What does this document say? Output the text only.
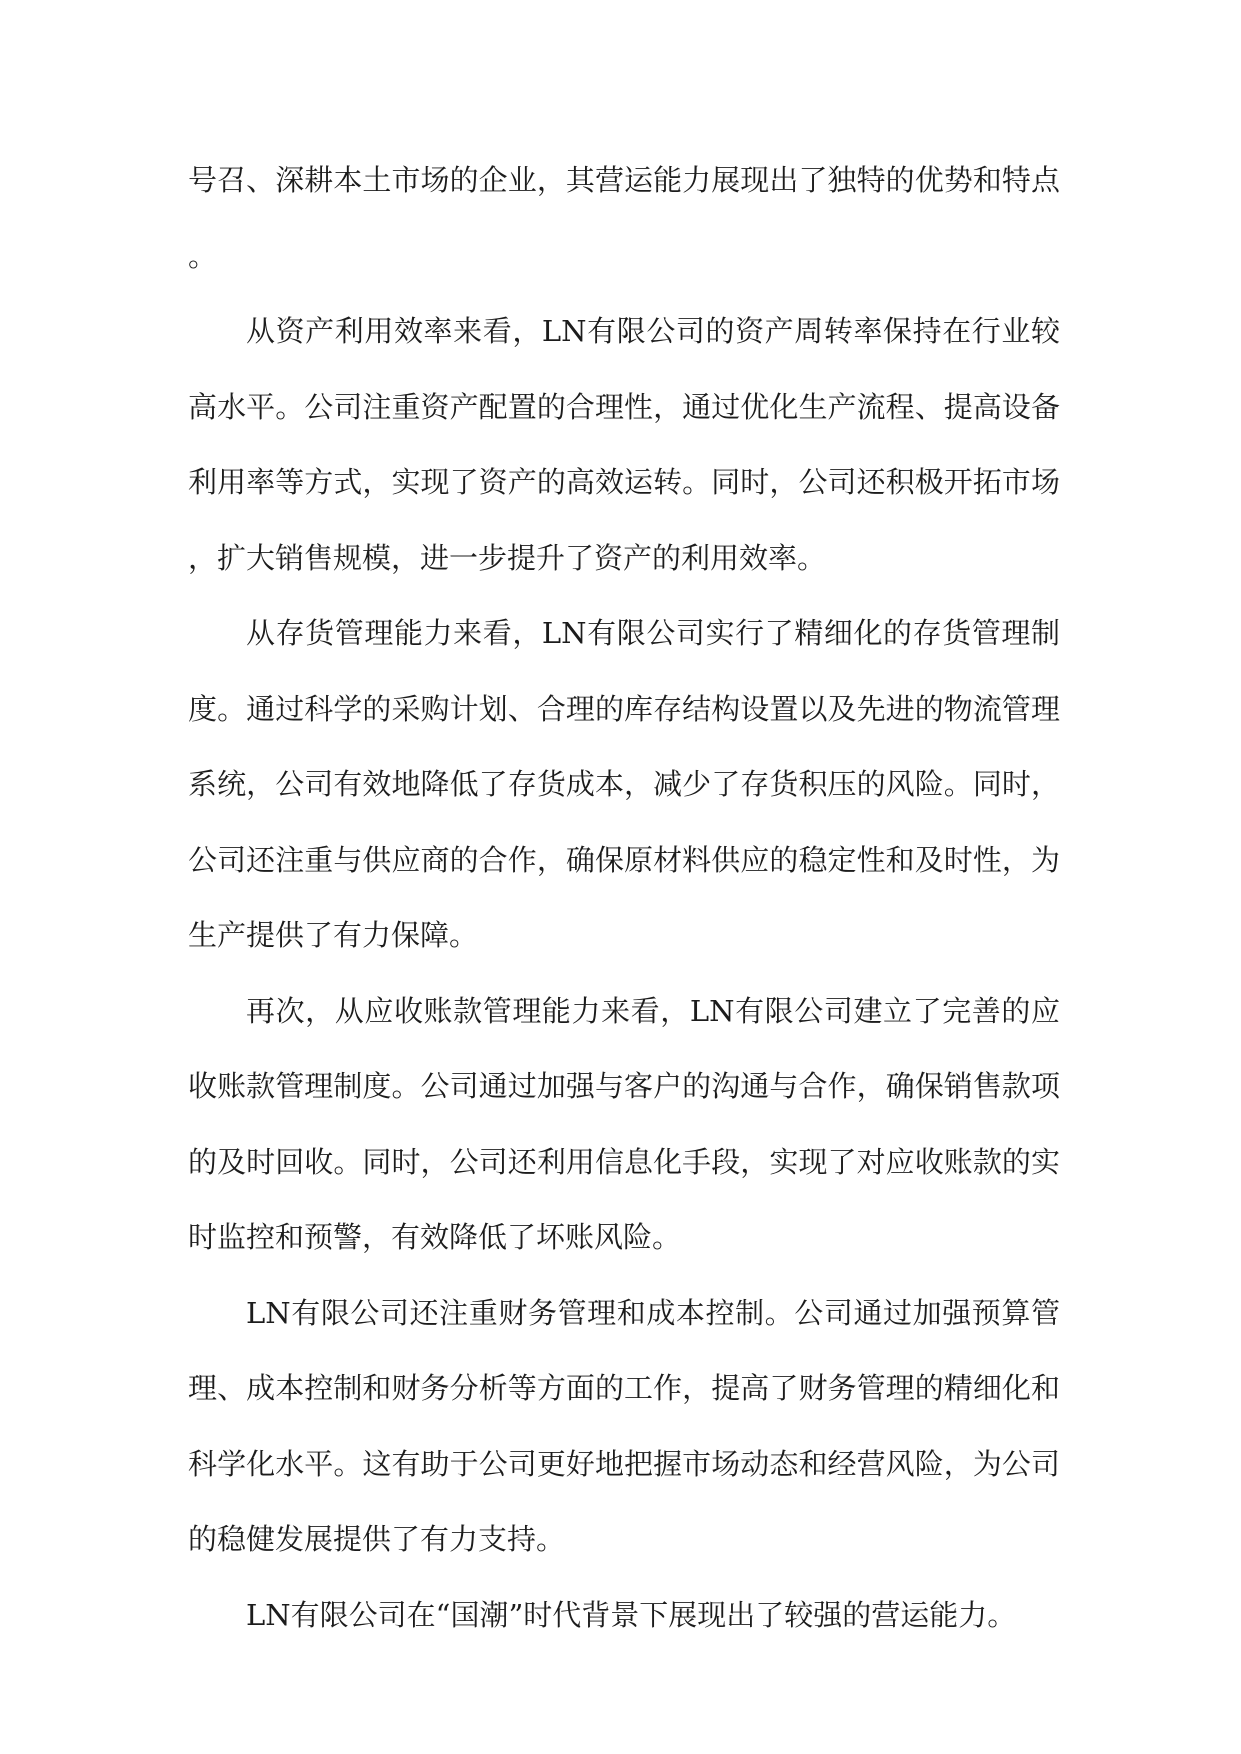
号召、深耕本土市场的企业，其营运能力展现出了独特的优势和特点。

从资产利用效率来看，LN有限公司的资产周转率保持在行业较高水平。公司注重资产配置的合理性，通过优化生产流程、提高设备利用率等方式，实现了资产的高效运转。同时，公司还积极开拓市场，扩大销售规模，进一步提升了资产的利用效率。

从存货管理能力来看，LN有限公司实行了精细化的存货管理制度。通过科学的采购计划、合理的库存结构设置以及先进的物流管理系统，公司有效地降低了存货成本，减少了存货积压的风险。同时，公司还注重与供应商的合作，确保原材料供应的稳定性和及时性，为生产提供了有力保障。

再次，从应收账款管理能力来看，LN有限公司建立了完善的应收账款管理制度。公司通过加强与客户的沟通与合作，确保销售款项的及时回收。同时，公司还利用信息化手段，实现了对应收账款的实时监控和预警，有效降低了坏账风险。

LN有限公司还注重财务管理和成本控制。公司通过加强预算管理、成本控制和财务分析等方面的工作，提高了财务管理的精细化和科学化水平。这有助于公司更好地把握市场动态和经营风险，为公司的稳健发展提供了有力支持。

LN有限公司在“国潮”时代背景下展现出了较强的营运能力。
